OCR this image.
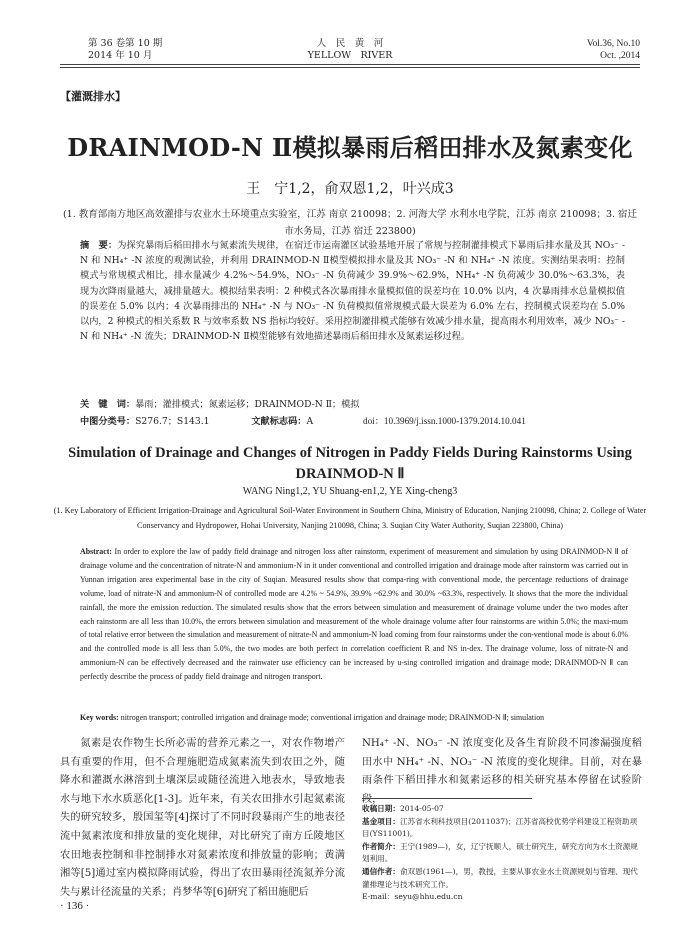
第 36 卷第 10 期
2014 年 10 月
人　民　黄　河
YELLOW　RIVER
Vol.36, No.10
Oct. ,2014
【灌溉排水】
DRAINMOD-N Ⅱ模拟暴雨后稻田排水及氮素变化
王　宁1,2，俞双恩1,2，叶兴成3
(1. 教育部南方地区高效灌排与农业水土环境重点实验室，江苏 南京 210098；2. 河海大学 水利水电学院，江苏 南京 210098；3. 宿迁市水务局，江苏 宿迁 223800)
摘　要：为探究暴雨后稻田排水与氮素流失规律，在宿迁市运南灌区试验基地开展了常规与控制灌排模式下暴雨后排水量及其 NO₃⁻ -N 和 NH₄⁺ -N 浓度的观测试验，并利用 DRAINMOD-N Ⅱ模型模拟排水量及其 NO₃⁻ -N 和 NH₄⁺ -N 浓度。实测结果表明：控制模式与常规模式相比，排水量减少 4.2%～54.9%，NO₃⁻ -N 负荷减少 39.9%～62.9%，NH₄⁺ -N 负荷减少 30.0%～63.3%，表现为次降雨量越大，减排量越大。模拟结果表明：2 种模式各次暴雨排水量模拟值的误差均在 10.0% 以内，4 次暴雨排水总量模拟值的误差在 5.0% 以内；4 次暴雨排出的 NH₄⁺ -N 与 NO₃⁻ -N 负荷模拟值常规模式最大误差为 6.0% 左右，控制模式误差均在 5.0% 以内，2 种模式的相关系数 R 与效率系数 NS 指标均较好。采用控制灌排模式能够有效减少排水量，提高雨水利用效率，减少 NO₃⁻ -N 和 NH₄⁺ -N 流失；DRAINMOD-N Ⅱ模型能够有效地描述暴雨后稻田排水及氮素运移过程。
关　键　词：暴雨；灌排模式；氮素运移；DRAINMOD-N Ⅱ；模拟
中图分类号：S276.7；S143.1	文献标志码：A	doi：10.3969/j.issn.1000-1379.2014.10.041
Simulation of Drainage and Changes of Nitrogen in Paddy Fields During Rainstorms Using
DRAINMOD-N Ⅱ
WANG Ning1,2, YU Shuang-en1,2, YE Xing-cheng3
(1. Key Laboratory of Efficient Irrigation-Drainage and Agricultural Soil-Water Environment in Southern China, Ministry of Education, Nanjing 210098, China; 2. College of Water Conservancy and Hydropower, Hohai University, Nanjing 210098, China; 3. Suqian City Water Authority, Suqian 223800, China)
Abstract: In order to explore the law of paddy field drainage and nitrogen loss after rainstorm, experiment of measurement and simulation by using DRAINMOD-N Ⅱ of drainage volume and the concentration of nitrate-N and ammonium-N in it under conventional and controlled irrigation and drainage mode after rainstorm was carried out in Yunnan irrigation area experimental base in the city of Suqian. Measured results show that compa-ring with conventional mode, the percentage reductions of drainage volume, load of nitrate-N and ammonium-N of controlled mode are 4.2% ~ 54.9%, 39.9% ~62.9% and 30.0% ~63.3%, respectively. It shows that the more the individual rainfall, the more the emission reduction. The simulated results show that the errors between simulation and measurement of drainage volume under the two modes after each rainstorm are all less than 10.0%, the errors between simulation and measurement of the whole drainage volume after four rainstorms are within 5.0%; the maxi-mum of total relative error between the simulation and measurement of nitrate-N and ammonium-N load coming from four rainstorms under the con-ventional mode is about 6.0% and the controlled mode is all less than 5.0%, the two modes are both perfect in correlation coefficient R and NS in-dex. The drainage volume, loss of nitrate-N and ammonium-N can be effectively decreased and the rainwater use efficiency can be increased by u-sing controlled irrigation and drainage mode; DRAINMOD-N Ⅱ can perfectly describe the process of paddy field drainage and nitrogen transport.
Key words: nitrogen transport; controlled irrigation and drainage mode; conventional irrigation and drainage mode; DRAINMOD-N Ⅱ; simulation
氮素是农作物生长所必需的营养元素之一，对农作物增产具有重要的作用，但不合理施肥造成氮素流失到农田之外，随降水和灌溉水淋溶到土壤深层或随径流进入地表水，导致地表水与地下水水质恶化[1-3]。近年来，有关农田排水引起氮素流失的研究较多，殷国玺等[4]探讨了不同时段暴雨产生的地表径流中氮素浓度和排放量的变化规律，对比研究了南方丘陵地区农田地表控制和非控制排水对氮素浓度和排放量的影响；黄满湘等[5]通过室内模拟降雨试验，得出了农田暴雨径流氮养分流失与累计径流量的关系；肖梦华等[6]研究了稻田施肥后
NH₄⁺ -N、NO₃⁻ -N 浓度变化及各生育阶段不同渗漏强度稻田水中 NH₄⁺ -N、NO₃⁻ -N 浓度的变化规律。目前，对在暴雨条件下稻田排水和氮素运移的相关研究基本停留在试验阶段，
收稿日期：2014-05-07
基金项目：江苏省水利科技项目(2011037)；江苏省高校优势学科建设工程资助项目(YS11001)。
作者简介：王宁(1989—)，女，辽宁抚顺人，硕士研究生，研究方向为水土资源规划利用。
通信作者：俞双恩(1961—)，男，教授，主要从事农业水土资源规划与管理、现代灌排理论与技术研究工作。
E-mail：seyu@hhu.edu.cn
· 136 ·
